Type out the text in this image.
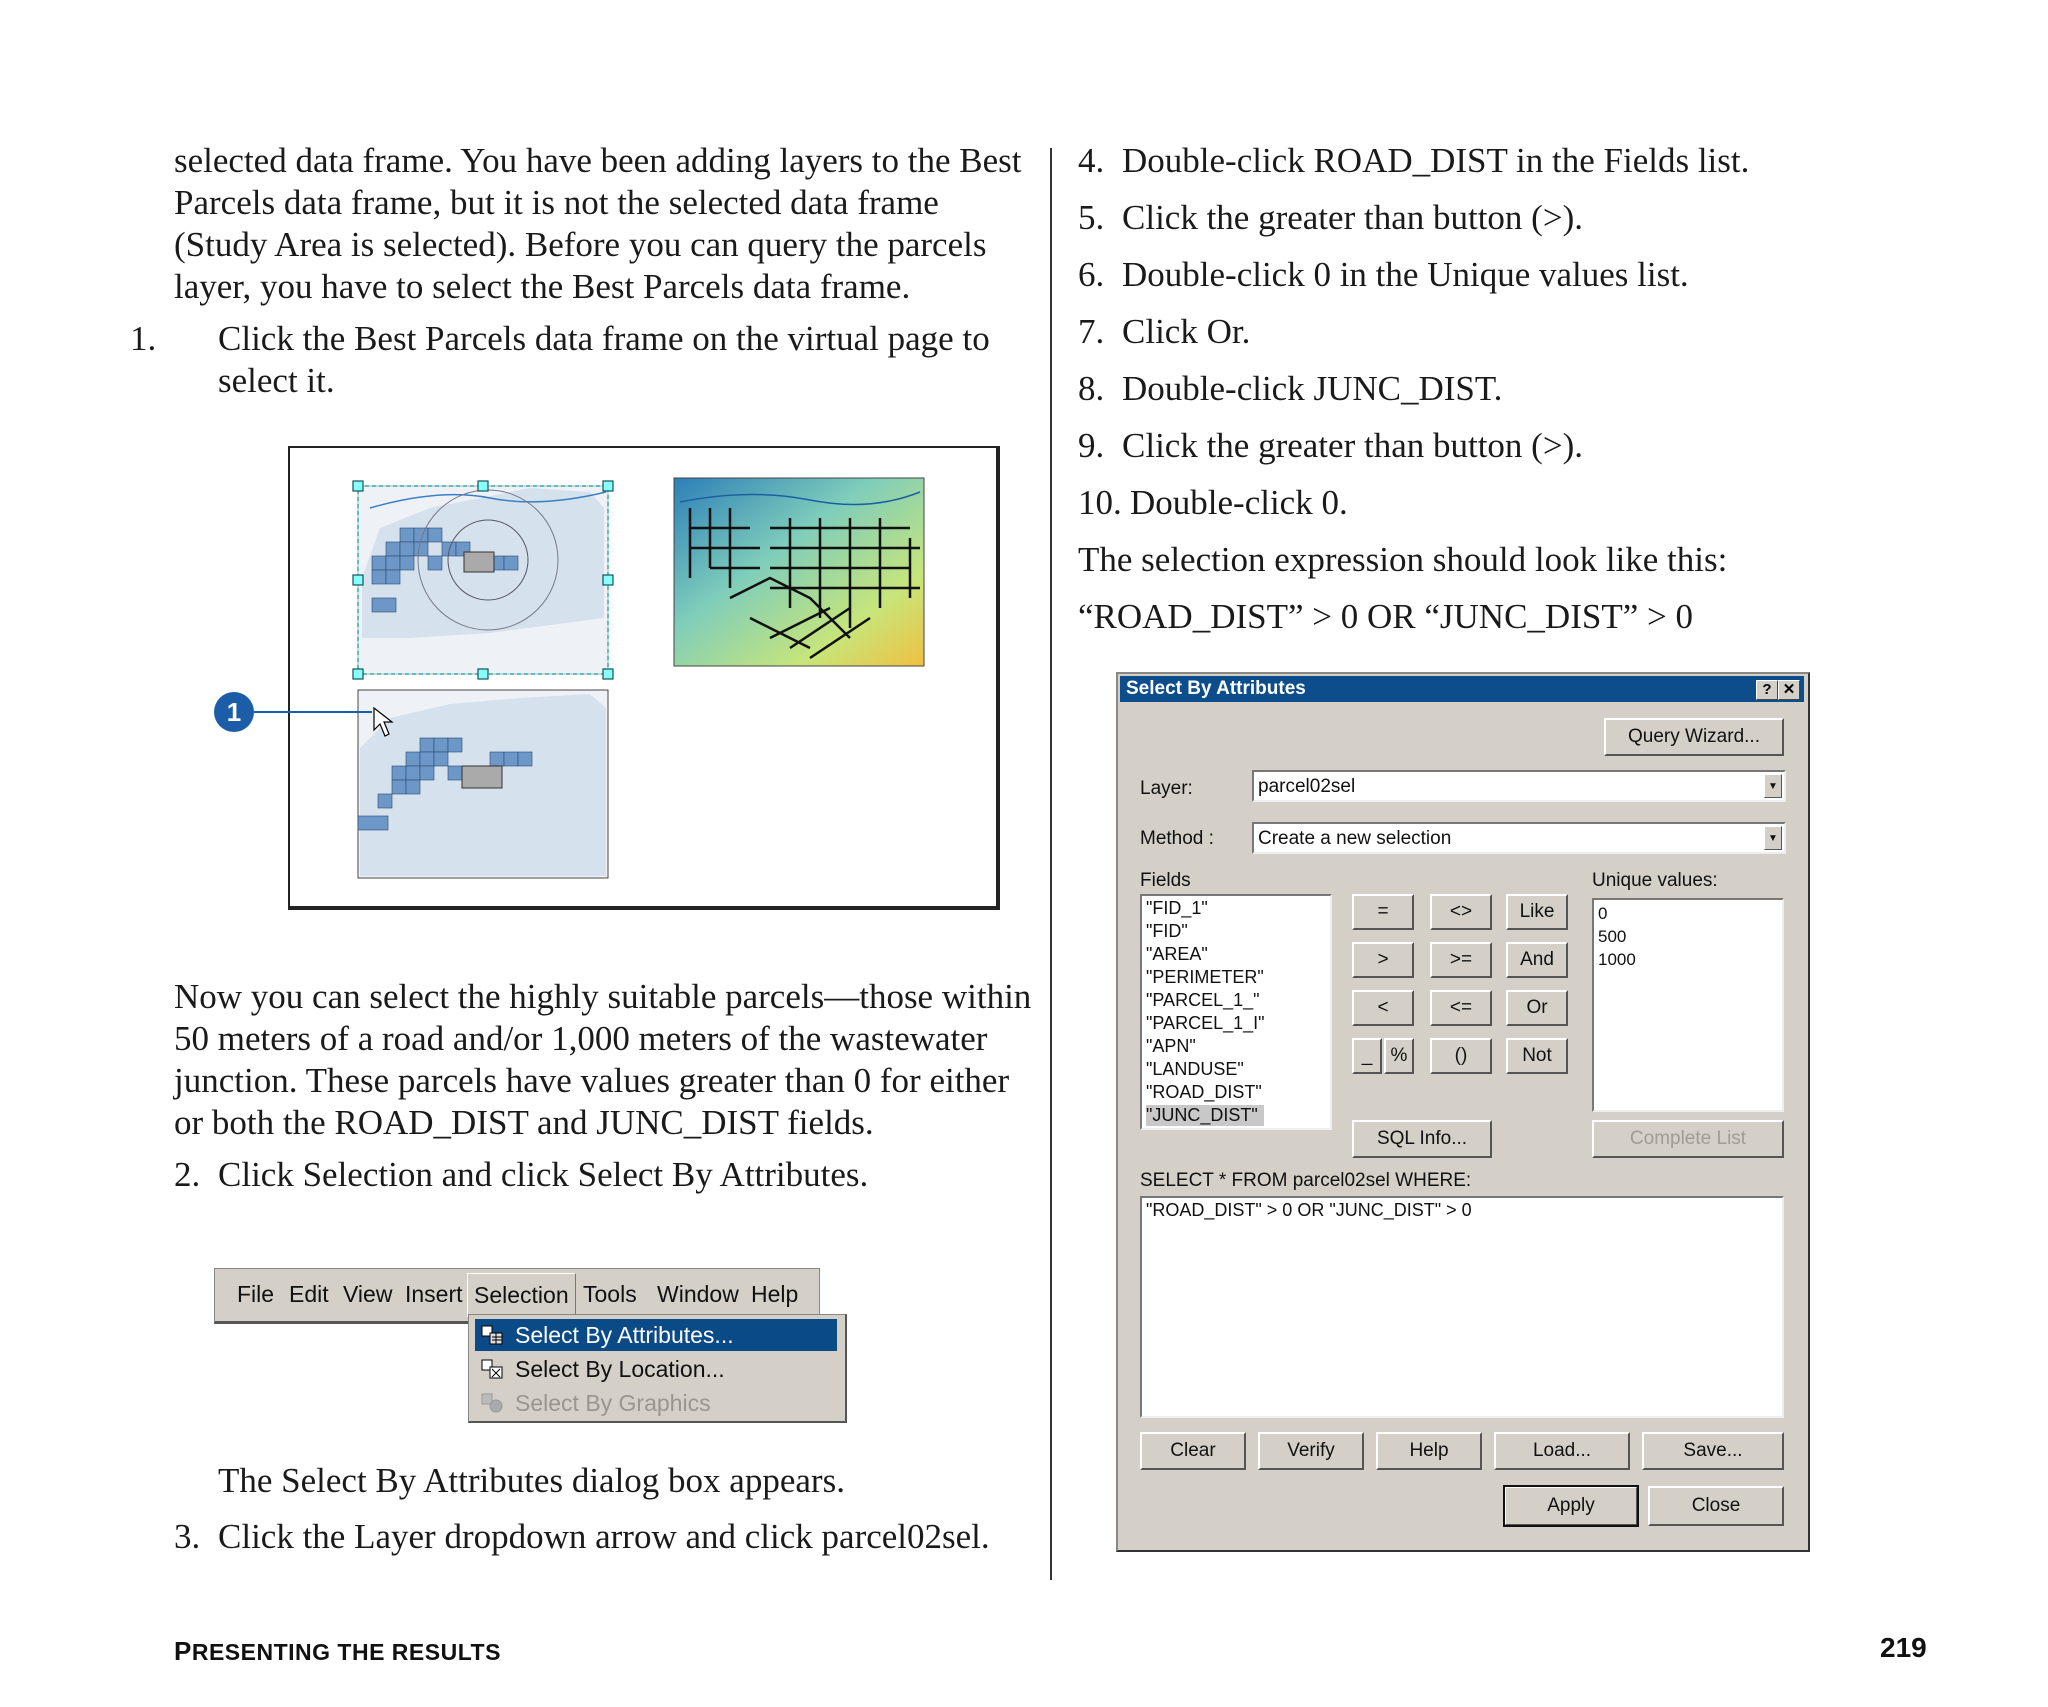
selected data frame. You have been adding layers to the Best Parcels data frame, but it is not the selected data frame (Study Area is selected). Before you can query the parcels layer, you have to select the Best Parcels data frame.

1. Click the Best Parcels data frame on the virtual page to select it.
1

Now you can select the highly suitable parcels—those within 50 meters of a road and/or 1,000 meters of the wastewater junction. These parcels have values greater than 0 for either or both the ROAD_DIST and JUNC_DIST fields.

2. Click Selection and click Select By Attributes.
File Edit View Insert Selection Tools Window Help
Select By Attributes...
Select By Location...
Select By Graphics
The Select By Attributes dialog box appears.
3. Click the Layer dropdown arrow and click parcel02sel.
4. Double-click ROAD_DIST in the Fields list.
5. Click the greater than button (>).
6. Double-click 0 in the Unique values list.
7. Click Or.
8. Double-click JUNC_DIST.
9. Click the greater than button (>).
10. Double-click 0.
The selection expression should look like this:
“ROAD_DIST” > 0 OR “JUNC_DIST” > 0
Select By Attributes	? ✕
Query Wizard...
Layer:	parcel02sel	▼
Method : Create a new selection	▼
Fields
"FID_1"
"FID"
"AREA"
"PERIMETER"
"PARCEL_1_"
"PARCEL_1_I"
"APN"
"LANDUSE"
"ROAD_DIST"
"JUNC_DIST"
=	<>	Like
>	>=	And
<	<=	Or
_ %	()	Not
SQL Info...
Unique values:
0
500
1000
Complete List
SELECT * FROM parcel02sel WHERE:
"ROAD_DIST" > 0 OR "JUNC_DIST" > 0
Clear	Verify	Help	Load...	Save...
Apply	Close
PRESENTING THE RESULTS	219
